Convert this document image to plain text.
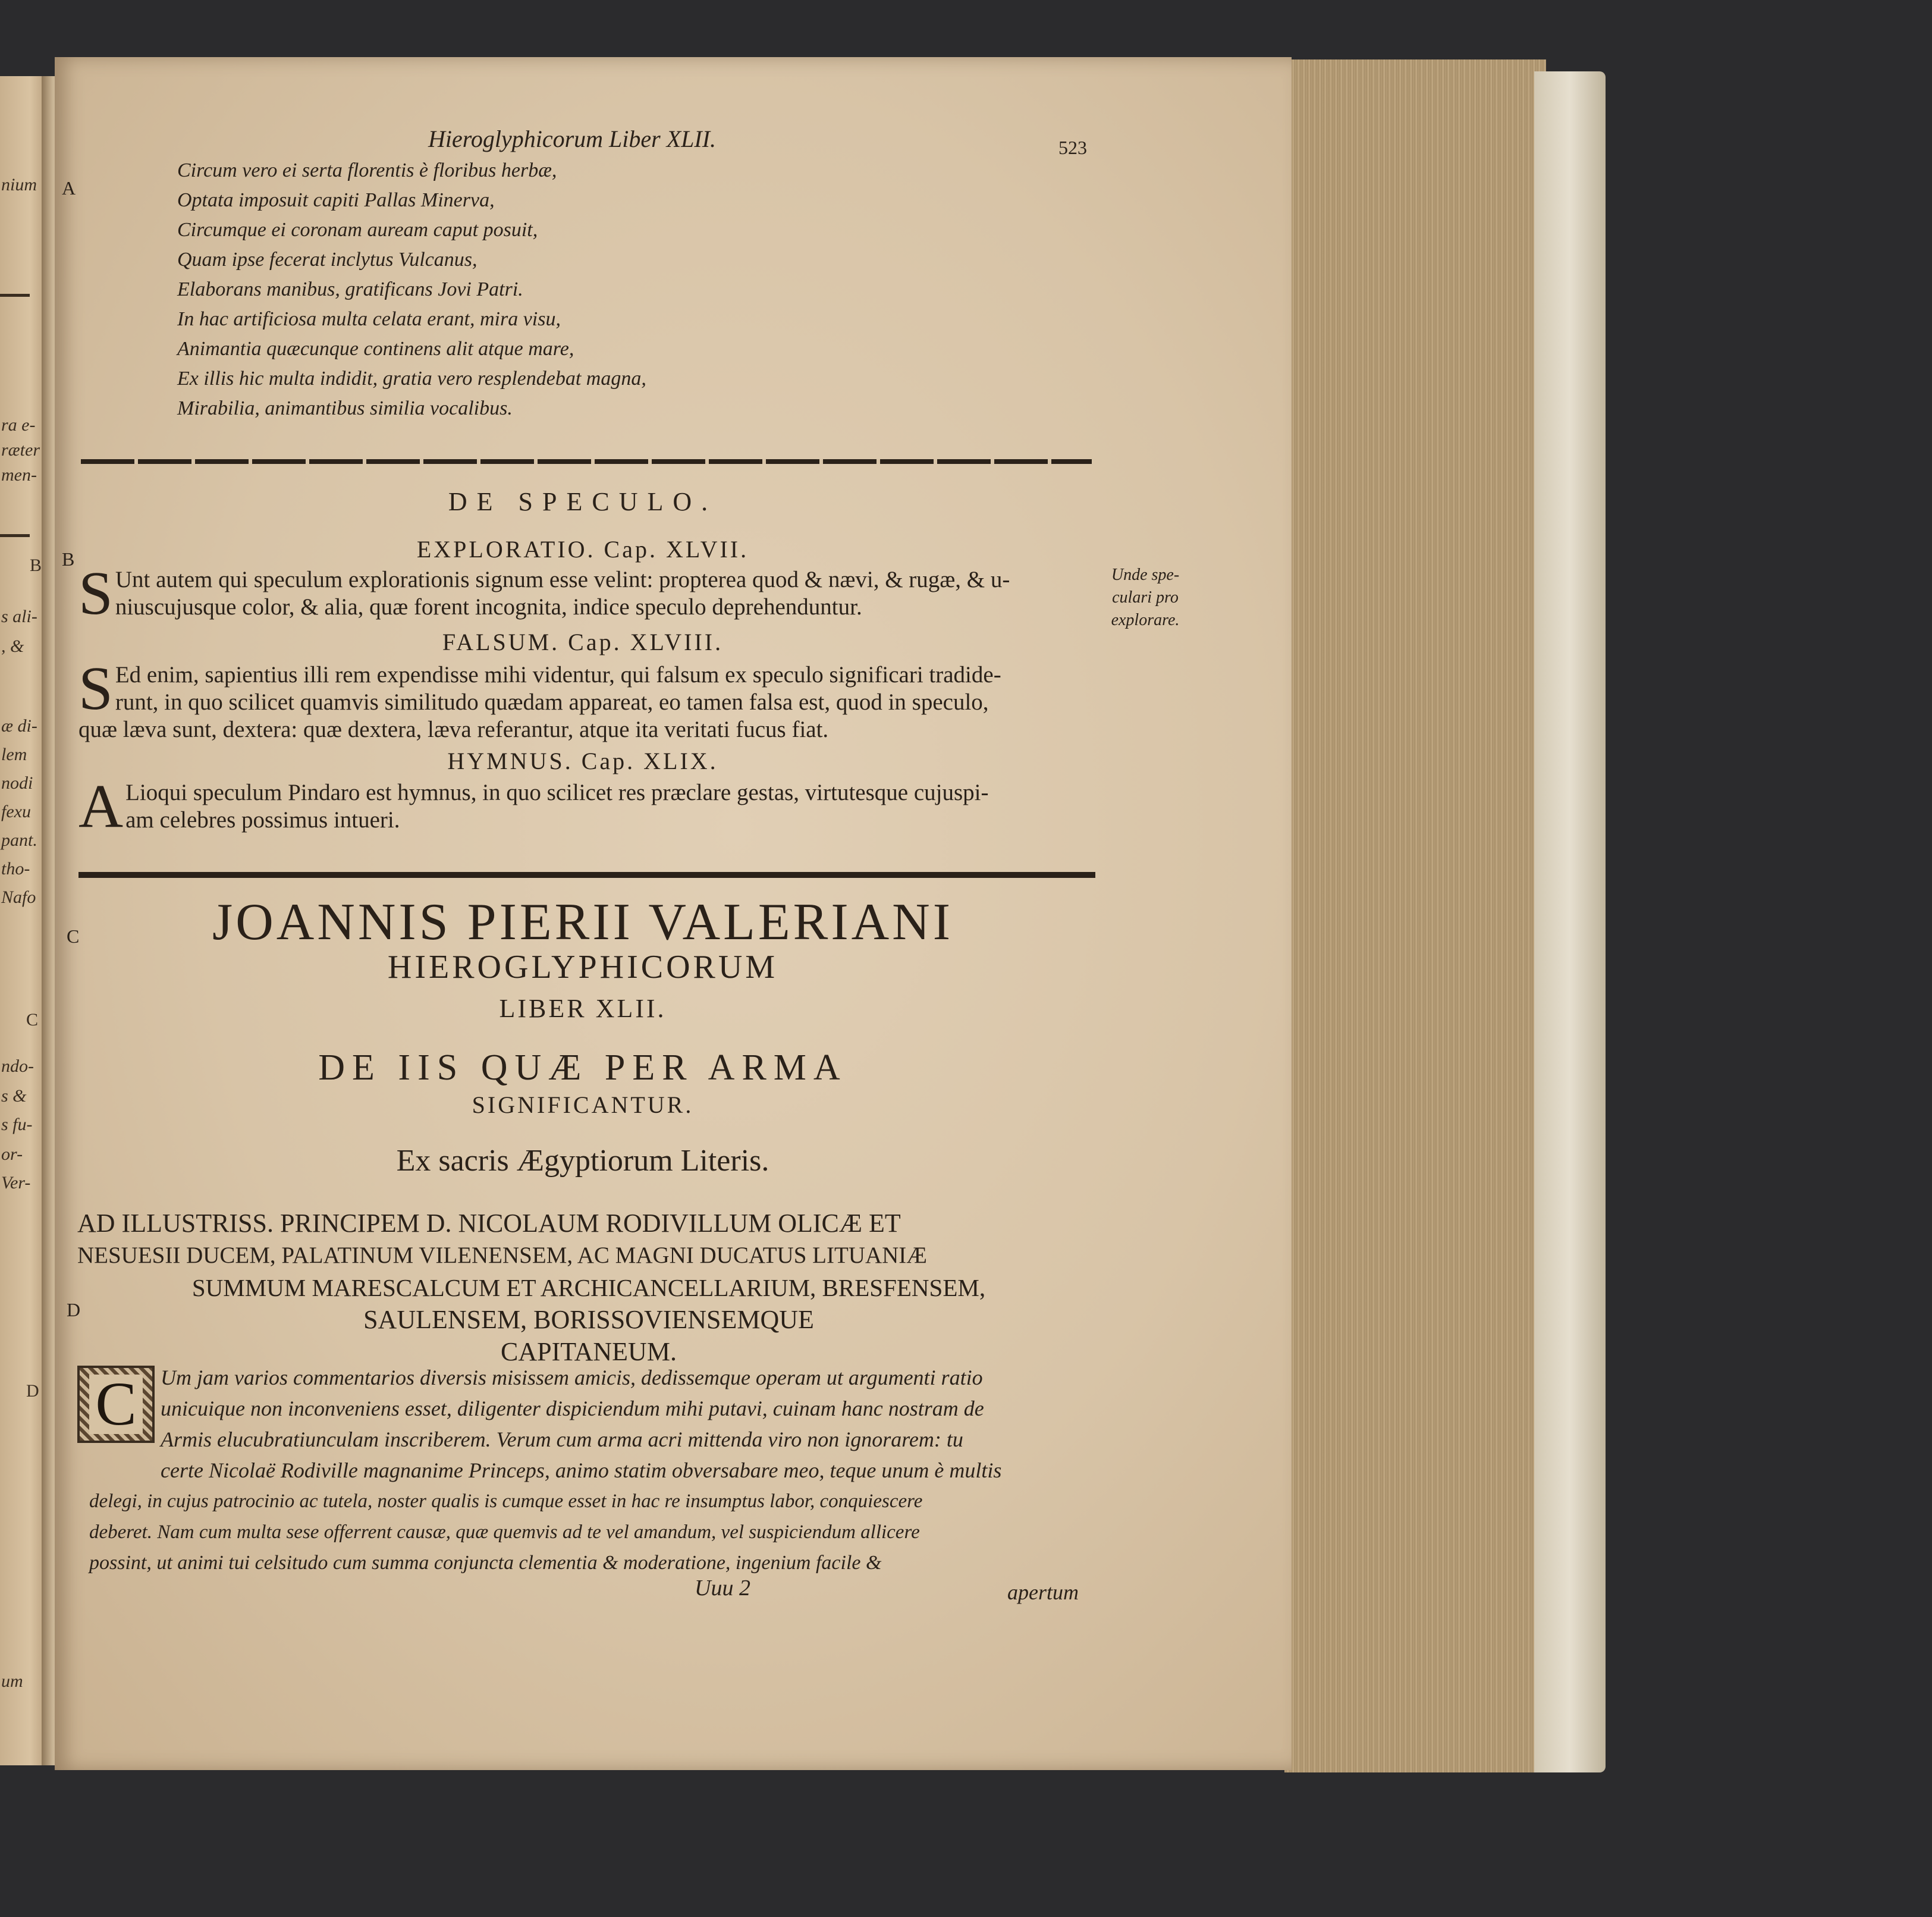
nium
ra e-
ræter
men-
B
s ali-
, &
æ di-
lem
nodi
fexu
pant.
tho-
Nafo
C
ndo-
s &
s fu-
or-
Ver-
D
um
Hieroglyphicorum Liber XLII.	523
A
B
C
D
Circum vero ei serta florentis è floribus herbæ,
Optata imposuit capiti Pallas Minerva,
Circumque ei coronam auream caput posuit,
Quam ipse fecerat inclytus Vulcanus,
Elaborans manibus, gratificans Jovi Patri.
In hac artificiosa multa celata erant, mira visu,
Animantia quæcunque continens alit atque mare,
Ex illis hic multa indidit, gratia vero resplendebat magna,
Mirabilia, animantibus similia vocalibus.
DE SPECULO.
EXPLORATIO. Cap. XLVII.
S Unt autem qui speculum explorationis signum esse velint: propterea quod & nævi, & rugæ, & u-
niuscujusque color, & alia, quæ forent incognita, indice speculo deprehenduntur.
Unde spe-
culari pro
explorare.
FALSUM. Cap. XLVIII.
S Ed enim, sapientius illi rem expendisse mihi videntur, qui falsum ex speculo significari tradide-
runt, in quo scilicet quamvis similitudo quædam appareat, eo tamen falsa est, quod in speculo,
quæ læva sunt, dextera: quæ dextera, læva referantur, atque ita veritati fucus fiat.
HYMNUS. Cap. XLIX.
A Lioqui speculum Pindaro est hymnus, in quo scilicet res præclare gestas, virtutesque cujuspi-
am celebres possimus intueri.
JOANNIS PIERII VALERIANI
HIEROGLYPHICORUM
LIBER XLII.
DE IIS QUÆ PER ARMA
SIGNIFICANTUR.
Ex sacris Ægyptiorum Literis.
AD ILLUSTRISS. PRINCIPEM D. NICOLAUM RODIVILLUM OLICÆ ET
NESUESII DUCEM, PALATINUM VILENENSEM, AC MAGNI DUCATUS LITUANIÆ
SUMMUM MARESCALCUM ET ARCHICANCELLARIUM, BRESFENSEM,
SAULENSEM, BORISSOVIENSEMQUE
CAPITANEUM.
C	Um jam varios commentarios diversis misissem amicis, dedissemque operam ut argumenti ratio
unicuique non inconveniens esset, diligenter dispiciendum mihi putavi, cuinam hanc nostram de
Armis elucubratiunculam inscriberem. Verum cum arma acri mittenda viro non ignorarem: tu
certe Nicolaë Rodiville magnanime Princeps, animo statim obversabare meo, teque unum è multis
delegi, in cujus patrocinio ac tutela, noster qualis is cumque esset in hac re insumptus labor, conquiescere
deberet. Nam cum multa sese offerrent causæ, quæ quemvis ad te vel amandum, vel suspiciendum allicere
possint, ut animi tui celsitudo cum summa conjuncta clementia & moderatione, ingenium facile &
Uuu 2	apertum
